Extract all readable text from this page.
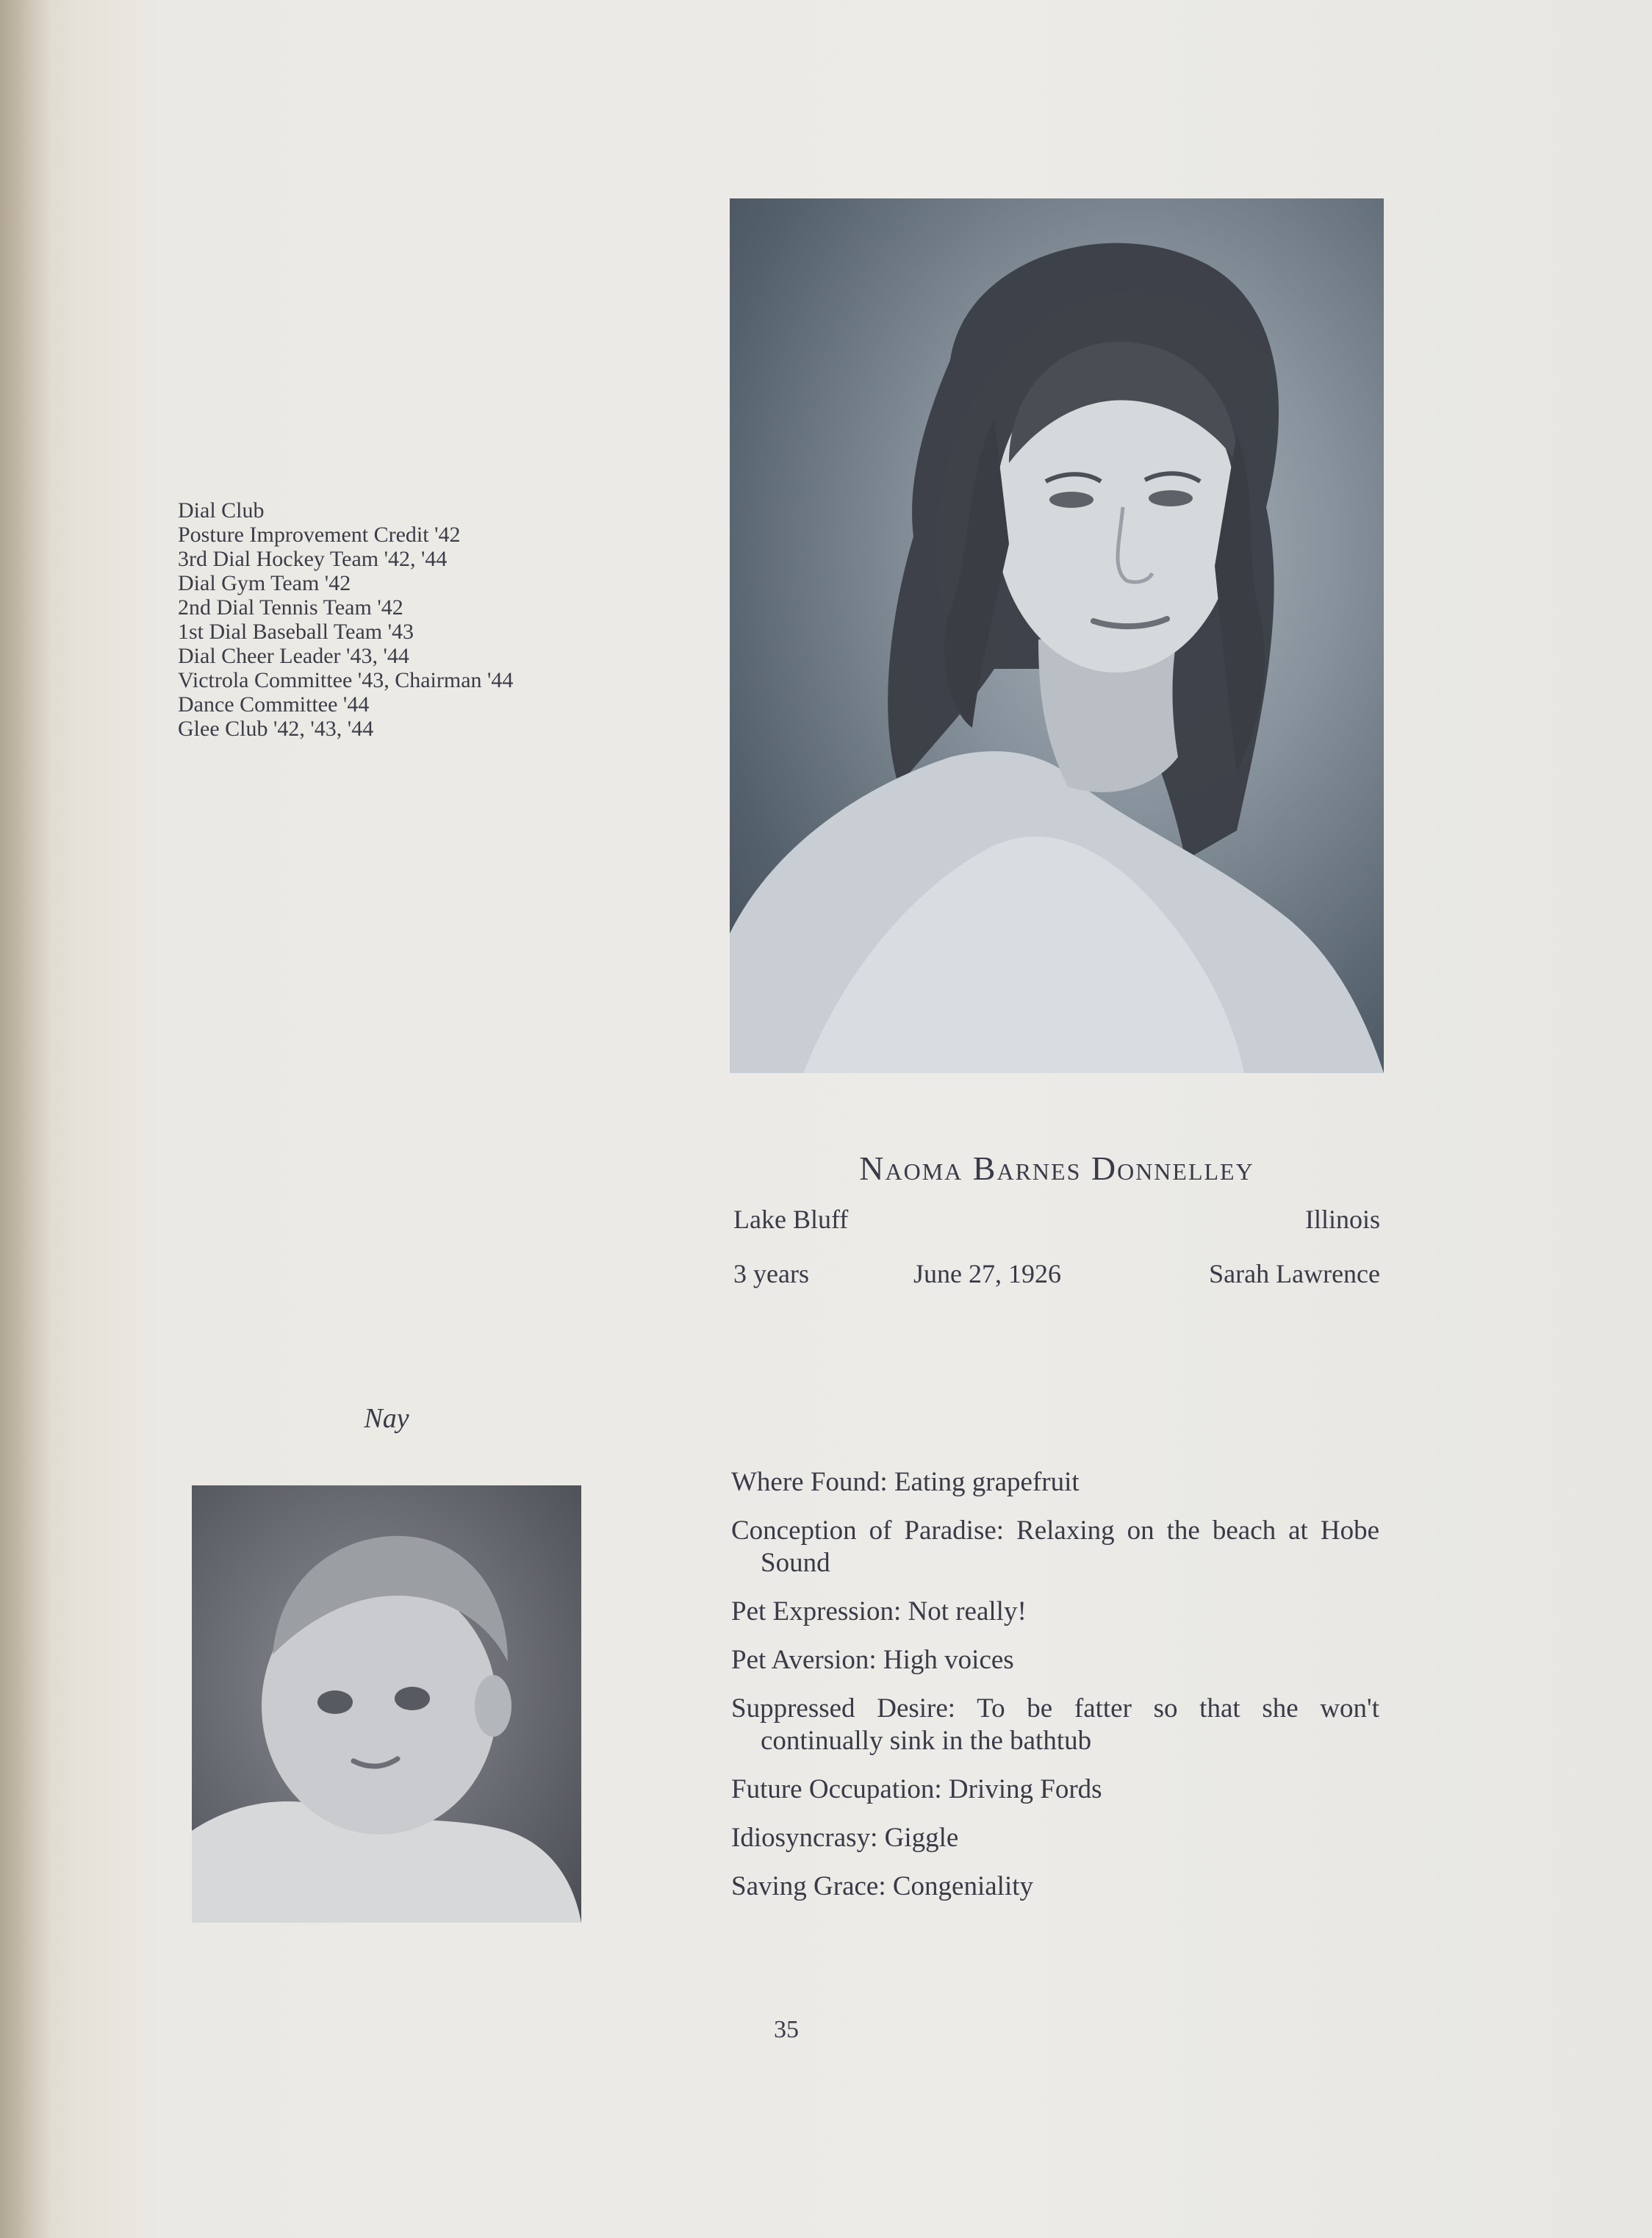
Dial Club
Posture Improvement Credit '42
3rd Dial Hockey Team '42, '44
Dial Gym Team '42
2nd Dial Tennis Team '42
1st Dial Baseball Team '43
Dial Cheer Leader '43, '44
Victrola Committee '43, Chairman '44
Dance Committee '44
Glee Club '42, '43, '44
Naoma Barnes Donnelley
Lake Bluff	Illinois
3 years	June 27, 1926	Sarah Lawrence
Nay
Where Found: Eating grapefruit
Conception of Paradise: Relaxing on the beach at Hobe Sound
Pet Expression: Not really!
Pet Aversion: High voices
Suppressed Desire: To be fatter so that she won't continually sink in the bathtub
Future Occupation: Driving Fords
Idiosyncrasy: Giggle
Saving Grace: Congeniality
35
